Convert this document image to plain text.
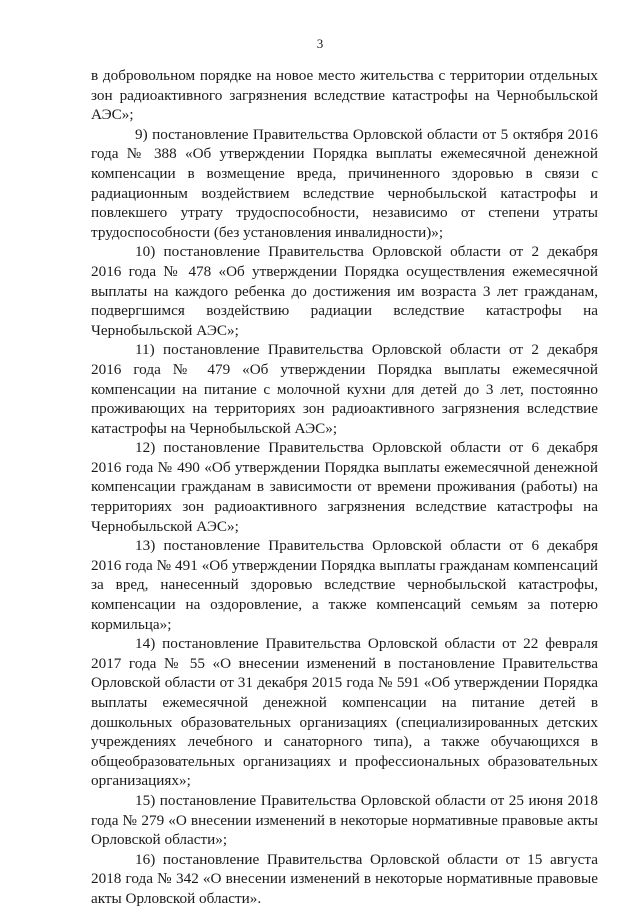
3

в добровольном порядке на новое место жительства с территории отдельных зон радиоактивного загрязнения вследствие катастрофы на Чернобыльской АЭС»;

9) постановление Правительства Орловской области от 5 октября 2016 года № 388 «Об утверждении Порядка выплаты ежемесячной денежной компенсации в возмещение вреда, причиненного здоровью в связи с радиационным воздействием вследствие чернобыльской катастрофы и повлекшего утрату трудоспособности, независимо от степени утраты трудоспособности (без установления инвалидности)»;

10) постановление Правительства Орловской области от 2 декабря 2016 года № 478 «Об утверждении Порядка осуществления ежемесячной выплаты на каждого ребенка до достижения им возраста 3 лет гражданам, подвергшимся воздействию радиации вследствие катастрофы на Чернобыльской АЭС»;

11) постановление Правительства Орловской области от 2 декабря 2016 года № 479 «Об утверждении Порядка выплаты ежемесячной компенсации на питание с молочной кухни для детей до 3 лет, постоянно проживающих на территориях зон радиоактивного загрязнения вследствие катастрофы на Чернобыльской АЭС»;

12) постановление Правительства Орловской области от 6 декабря 2016 года № 490 «Об утверждении Порядка выплаты ежемесячной денежной компенсации гражданам в зависимости от времени проживания (работы) на территориях зон радиоактивного загрязнения вследствие катастрофы на Чернобыльской АЭС»;

13) постановление Правительства Орловской области от 6 декабря 2016 года № 491 «Об утверждении Порядка выплаты гражданам компенсаций за вред, нанесенный здоровью вследствие чернобыльской катастрофы, компенсации на оздоровление, а также компенсаций семьям за потерю кормильца»;

14) постановление Правительства Орловской области от 22 февраля 2017 года № 55 «О внесении изменений в постановление Правительства Орловской области от 31 декабря 2015 года № 591 «Об утверждении Порядка выплаты ежемесячной денежной компенсации на питание детей в дошкольных образовательных организациях (специализированных детских учреждениях лечебного и санаторного типа), а также обучающихся в общеобразовательных организациях и профессиональных образовательных организациях»;

15) постановление Правительства Орловской области от 25 июня 2018 года № 279 «О внесении изменений в некоторые нормативные правовые акты Орловской области»;

16) постановление Правительства Орловской области от 15 августа 2018 года № 342 «О внесении изменений в некоторые нормативные правовые акты Орловской области».
